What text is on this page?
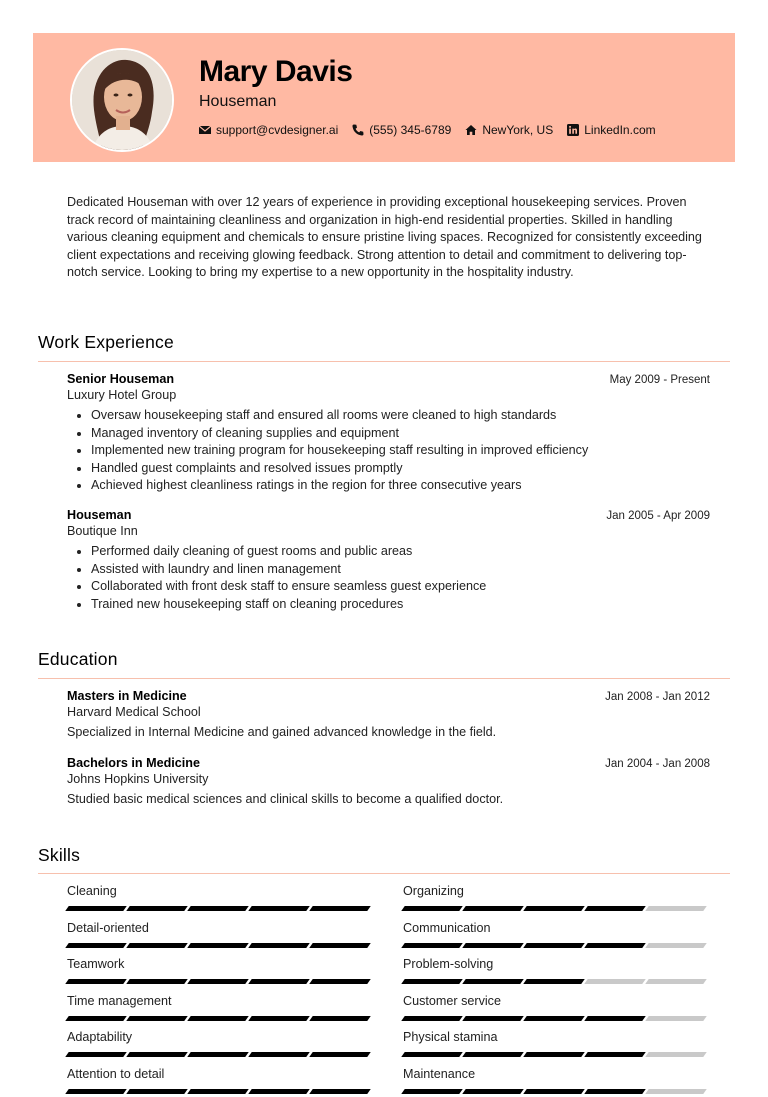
Mary Davis
Houseman
support@cvdesigner.ai	(555) 345-6789	NewYork, US	LinkedIn.com
Dedicated Houseman with over 12 years of experience in providing exceptional housekeeping services. Proven track record of maintaining cleanliness and organization in high-end residential properties. Skilled in handling various cleaning equipment and chemicals to ensure pristine living spaces. Recognized for consistently exceeding client expectations and receiving glowing feedback. Strong attention to detail and commitment to delivering top-notch service. Looking to bring my expertise to a new opportunity in the hospitality industry.
Work Experience
Senior Houseman	May 2009 - Present
Luxury Hotel Group
• Oversaw housekeeping staff and ensured all rooms were cleaned to high standards
• Managed inventory of cleaning supplies and equipment
• Implemented new training program for housekeeping staff resulting in improved efficiency
• Handled guest complaints and resolved issues promptly
• Achieved highest cleanliness ratings in the region for three consecutive years
Houseman	Jan 2005 - Apr 2009
Boutique Inn
• Performed daily cleaning of guest rooms and public areas
• Assisted with laundry and linen management
• Collaborated with front desk staff to ensure seamless guest experience
• Trained new housekeeping staff on cleaning procedures
Education
Masters in Medicine	Jan 2008 - Jan 2012
Harvard Medical School
Specialized in Internal Medicine and gained advanced knowledge in the field.
Bachelors in Medicine	Jan 2004 - Jan 2008
Johns Hopkins University
Studied basic medical sciences and clinical skills to become a qualified doctor.
Skills
Cleaning	Organizing
Detail-oriented	Communication
Teamwork	Problem-solving
Time management	Customer service
Adaptability	Physical stamina
Attention to detail	Maintenance
